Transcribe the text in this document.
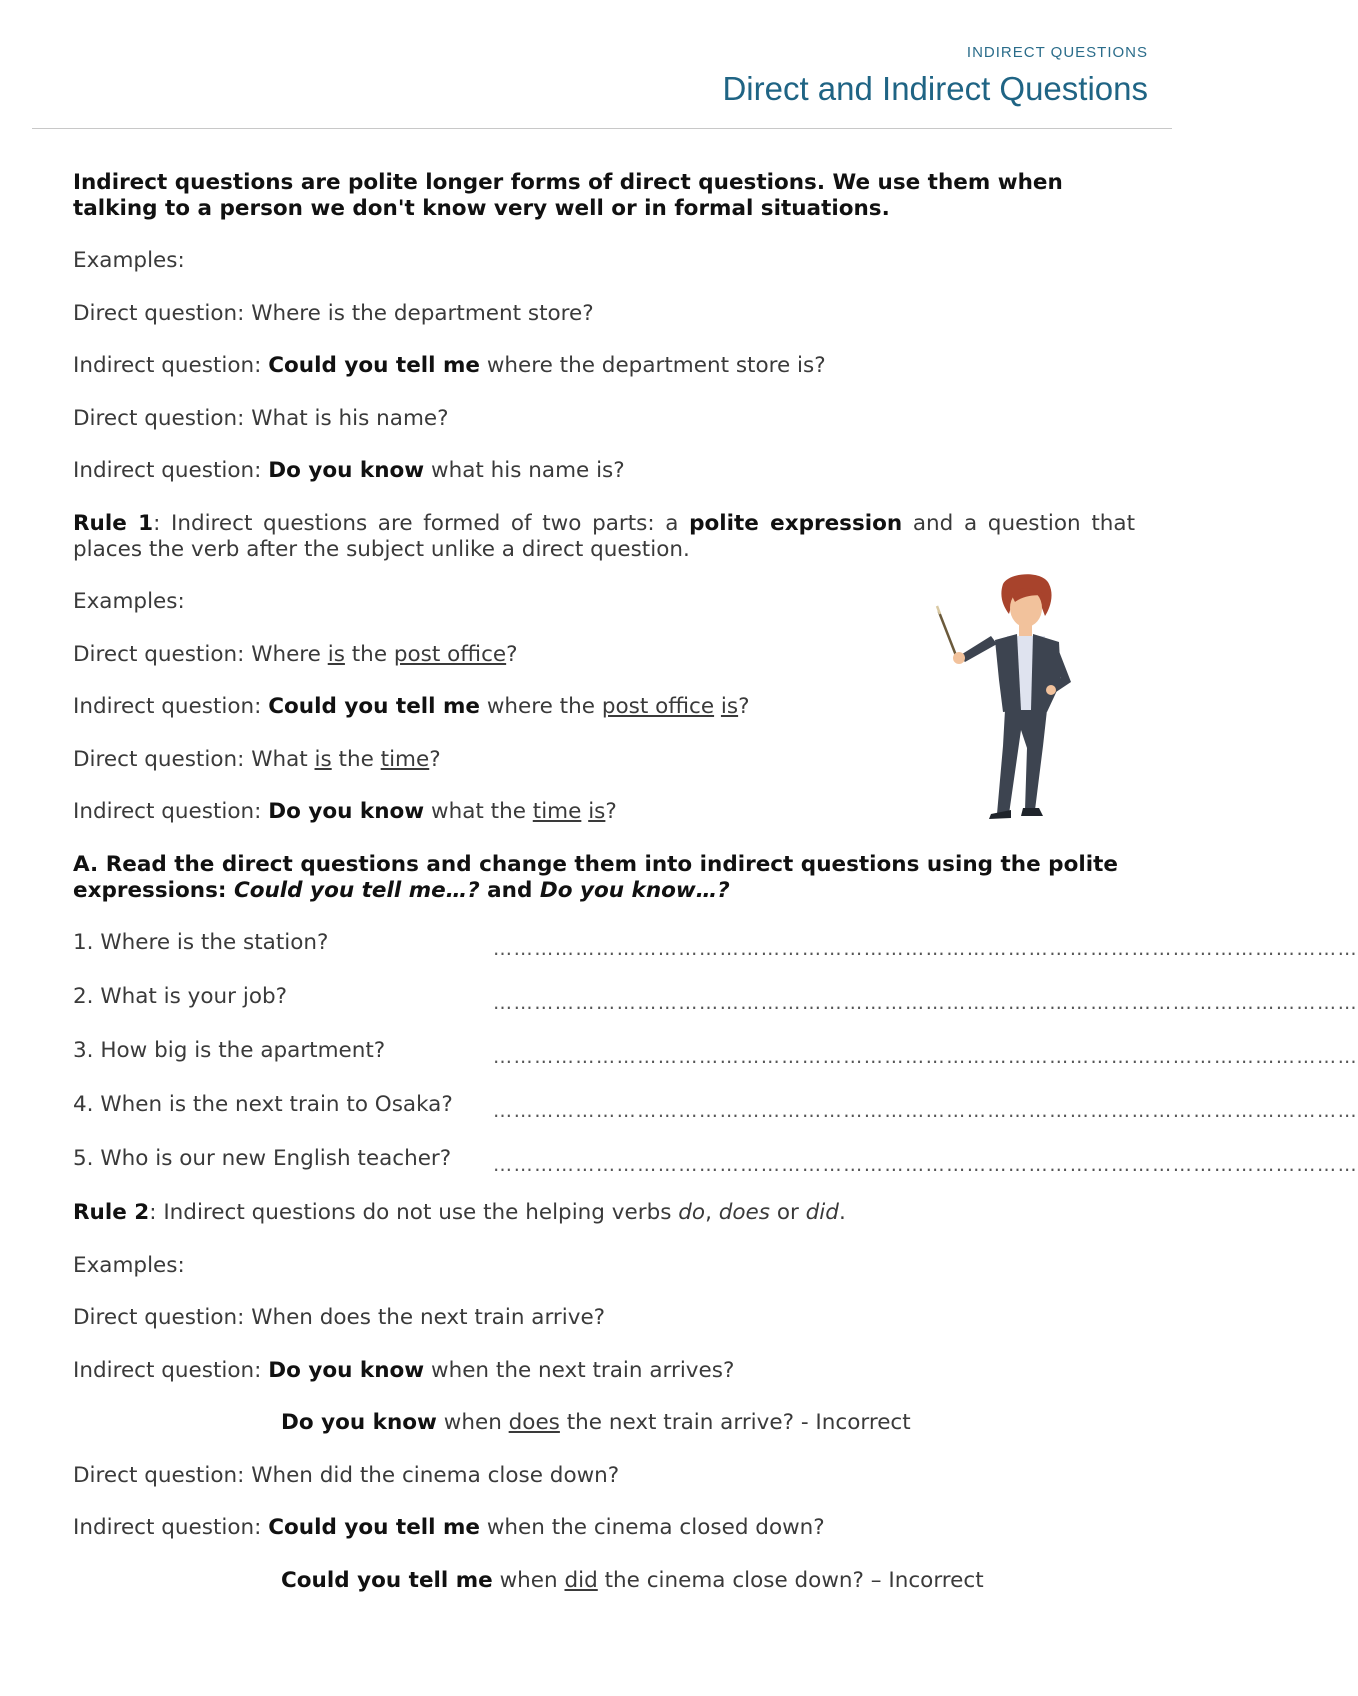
INDIRECT QUESTIONS
Direct and Indirect Questions

Indirect questions are polite longer forms of direct questions. We use them when talking to a person we don't know very well or in formal situations.

Examples:

Direct question: Where is the department store?

Indirect question: Could you tell me where the department store is?

Direct question: What is his name?

Indirect question: Do you know what his name is?

Rule 1: Indirect questions are formed of two parts: a polite expression and a question that places the verb after the subject unlike a direct question.

Examples:

Direct question: Where is the post office?

Indirect question: Could you tell me where the post office is?

Direct question: What is the time?

Indirect question: Do you know what the time is?

A. Read the direct questions and change them into indirect questions using the polite expressions: Could you tell me…? and Do you know…?

1. Where is the station?	………………………………………………………………………………………………………………
2. What is your job?	………………………………………………………………………………………………………………
3. How big is the apartment?	………………………………………………………………………………………………………………
4. When is the next train to Osaka? ………………………………………………………………………………………………………………
5. Who is our new English teacher? ………………………………………………………………………………………………………………

Rule 2: Indirect questions do not use the helping verbs do, does or did.

Examples:

Direct question: When does the next train arrive?

Indirect question: Do you know when the next train arrives?

Do you know when does the next train arrive? - Incorrect

Direct question: When did the cinema close down?

Indirect question: Could you tell me when the cinema closed down?

Could you tell me when did the cinema close down? – Incorrect
